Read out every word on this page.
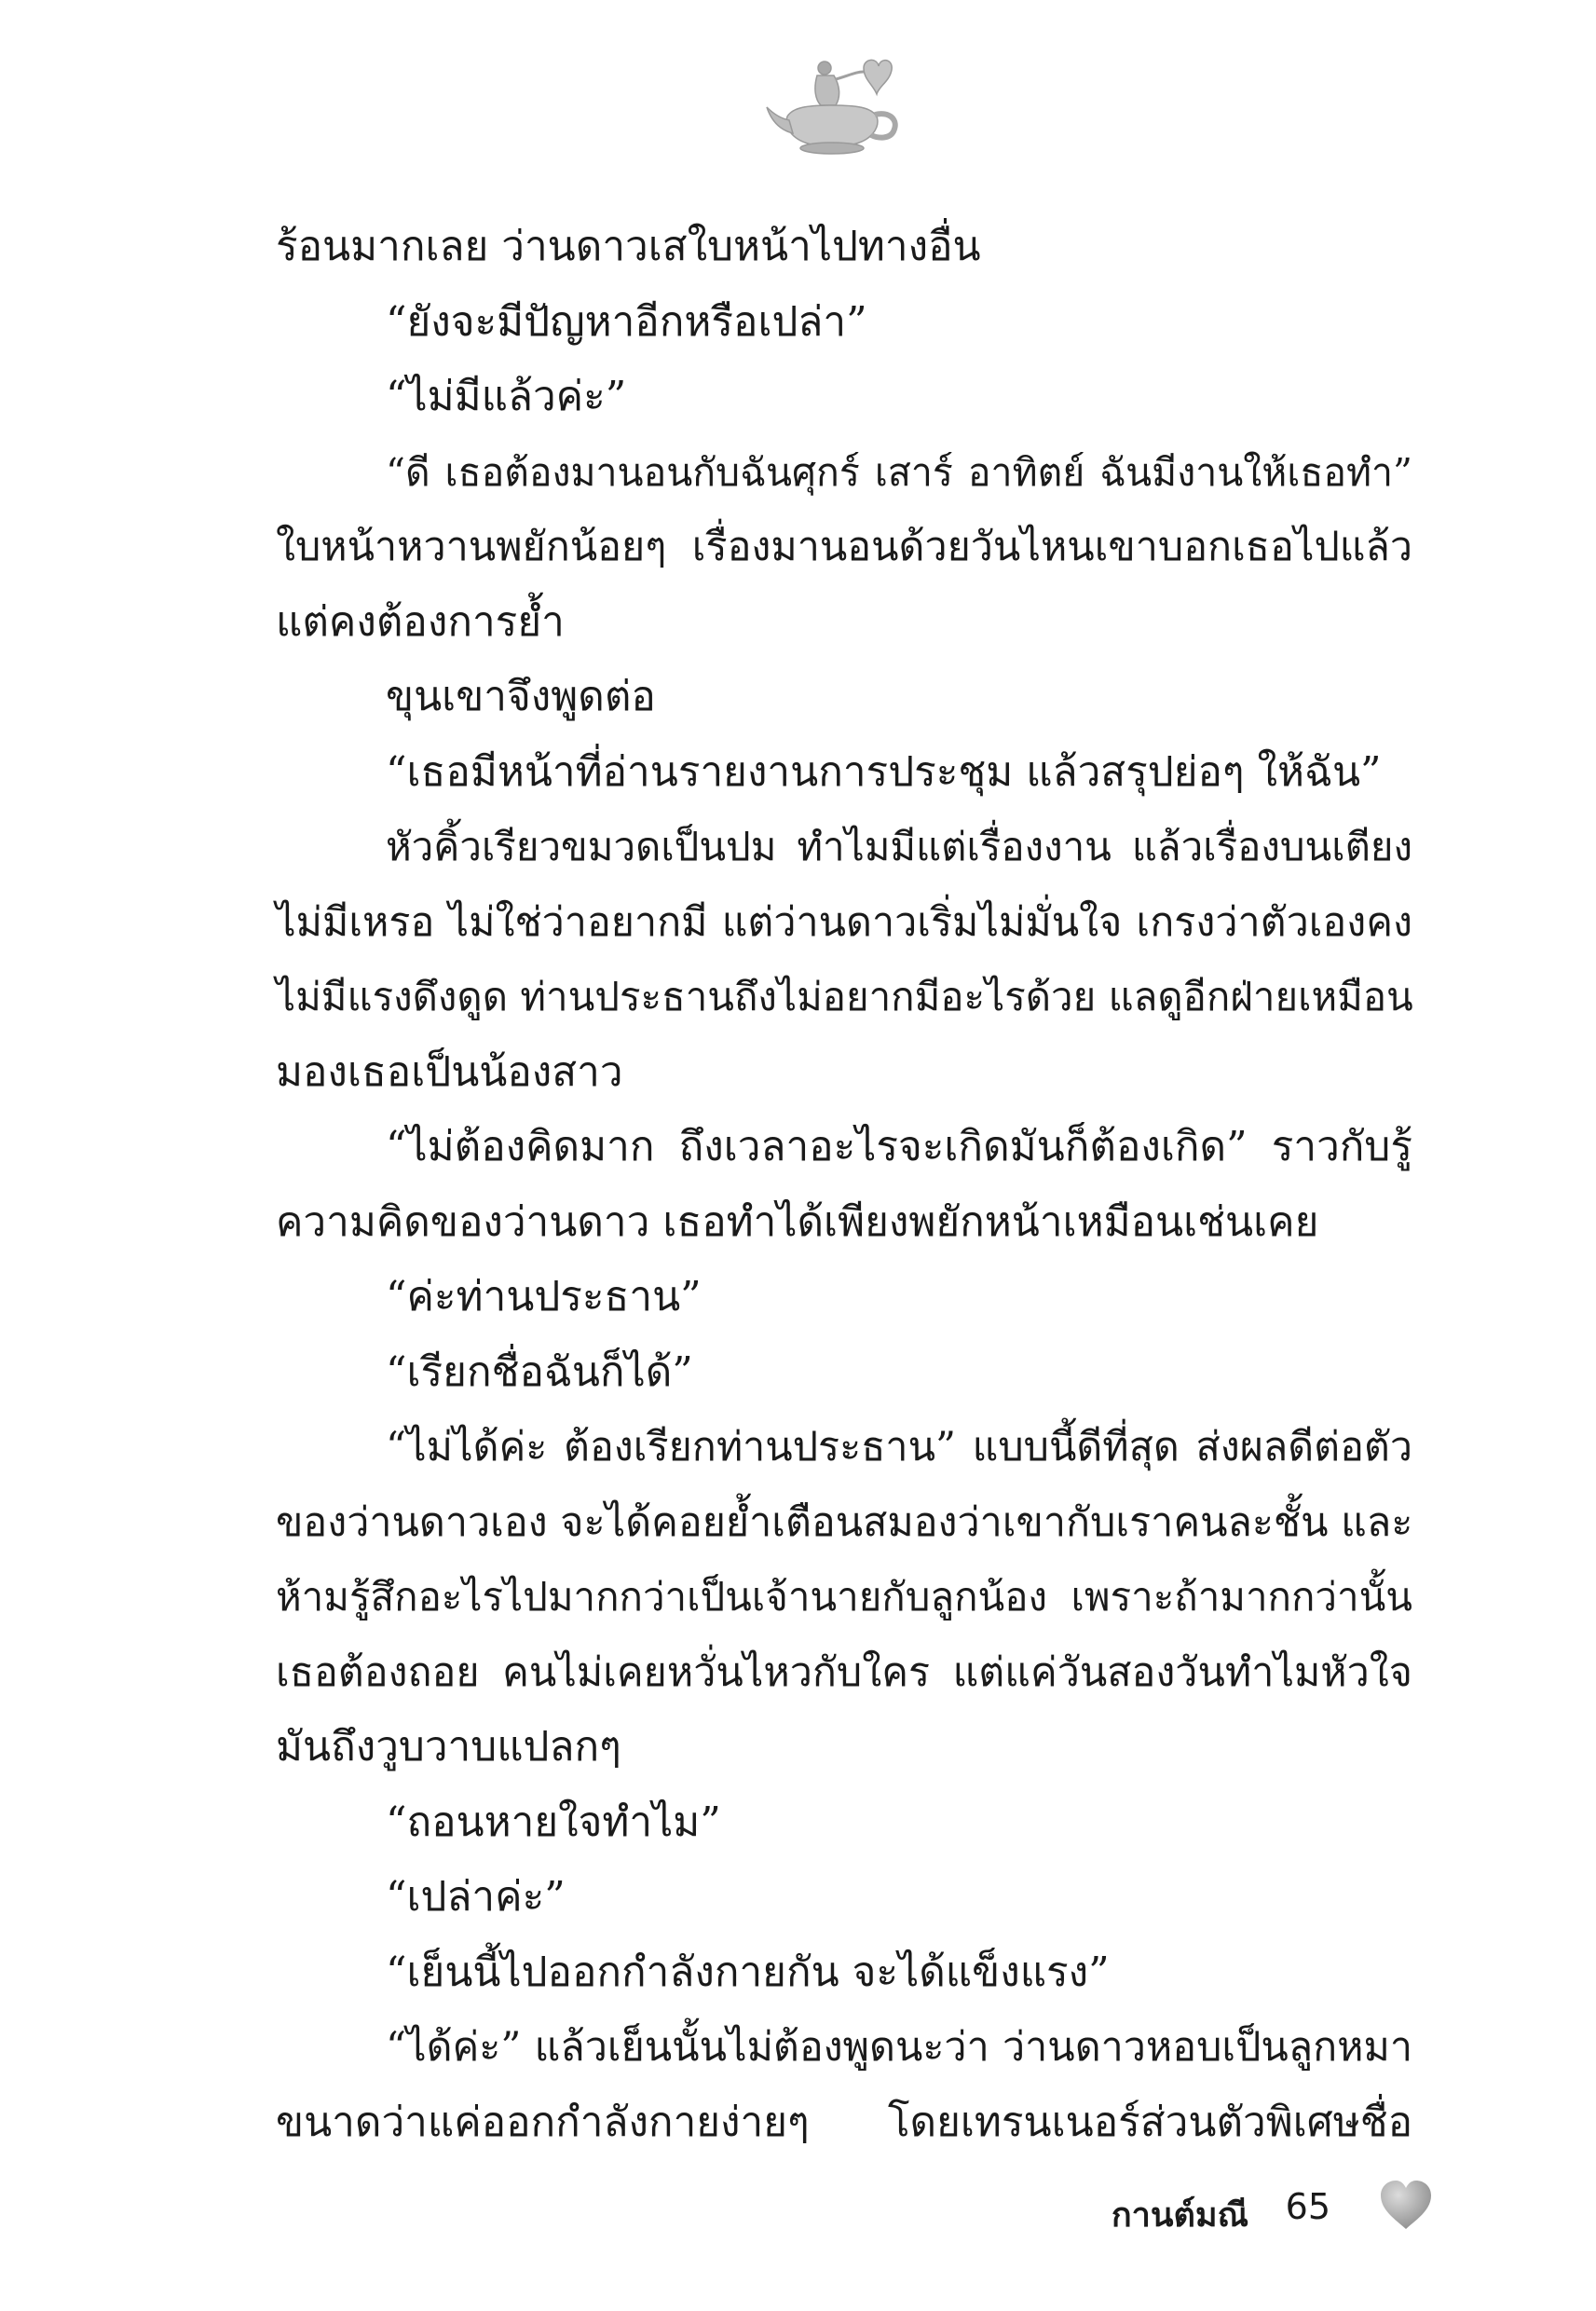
ร้อนมากเลย ว่านดาวเสใบหน้าไปทางอื่น
“ยังจะมีปัญหาอีกหรือเปล่า”
“ไม่มีแล้วค่ะ”
“ดี เธอต้องมานอนกับฉันศุกร์ เสาร์ อาทิตย์ ฉันมีงานให้เธอทำ”
ใบหน้าหวานพยักน้อยๆ เรื่องมานอนด้วยวันไหนเขาบอกเธอไปแล้ว
แต่คงต้องการย้ำ
ขุนเขาจึงพูดต่อ
“เธอมีหน้าที่อ่านรายงานการประชุม แล้วสรุปย่อๆ ให้ฉัน”
หัวคิ้วเรียวขมวดเป็นปม ทำไมมีแต่เรื่องงาน แล้วเรื่องบนเตียง
ไม่มีเหรอ ไม่ใช่ว่าอยากมี แต่ว่านดาวเริ่มไม่มั่นใจ เกรงว่าตัวเองคง
ไม่มีแรงดึงดูด ท่านประธานถึงไม่อยากมีอะไรด้วย แลดูอีกฝ่ายเหมือน
มองเธอเป็นน้องสาว
“ไม่ต้องคิดมาก ถึงเวลาอะไรจะเกิดมันก็ต้องเกิด” ราวกับรู้
ความคิดของว่านดาว เธอทำได้เพียงพยักหน้าเหมือนเช่นเคย
“ค่ะท่านประธาน”
“เรียกชื่อฉันก็ได้”
“ไม่ได้ค่ะ ต้องเรียกท่านประธาน” แบบนี้ดีที่สุด ส่งผลดีต่อตัว
ของว่านดาวเอง จะได้คอยย้ำเตือนสมองว่าเขากับเราคนละชั้น และ
ห้ามรู้สึกอะไรไปมากกว่าเป็นเจ้านายกับลูกน้อง เพราะถ้ามากกว่านั้น
เธอต้องถอย คนไม่เคยหวั่นไหวกับใคร แต่แค่วันสองวันทำไมหัวใจ
มันถึงวูบวาบแปลกๆ
“ถอนหายใจทำไม”
“เปล่าค่ะ”
“เย็นนี้ไปออกกำลังกายกัน จะได้แข็งแรง”
“ได้ค่ะ” แล้วเย็นนั้นไม่ต้องพูดนะว่า ว่านดาวหอบเป็นลูกหมา
ขนาดว่าแค่ออกกำลังกายง่ายๆ โดยเทรนเนอร์ส่วนตัวพิเศษชื่อ
กานต์มณี 65
